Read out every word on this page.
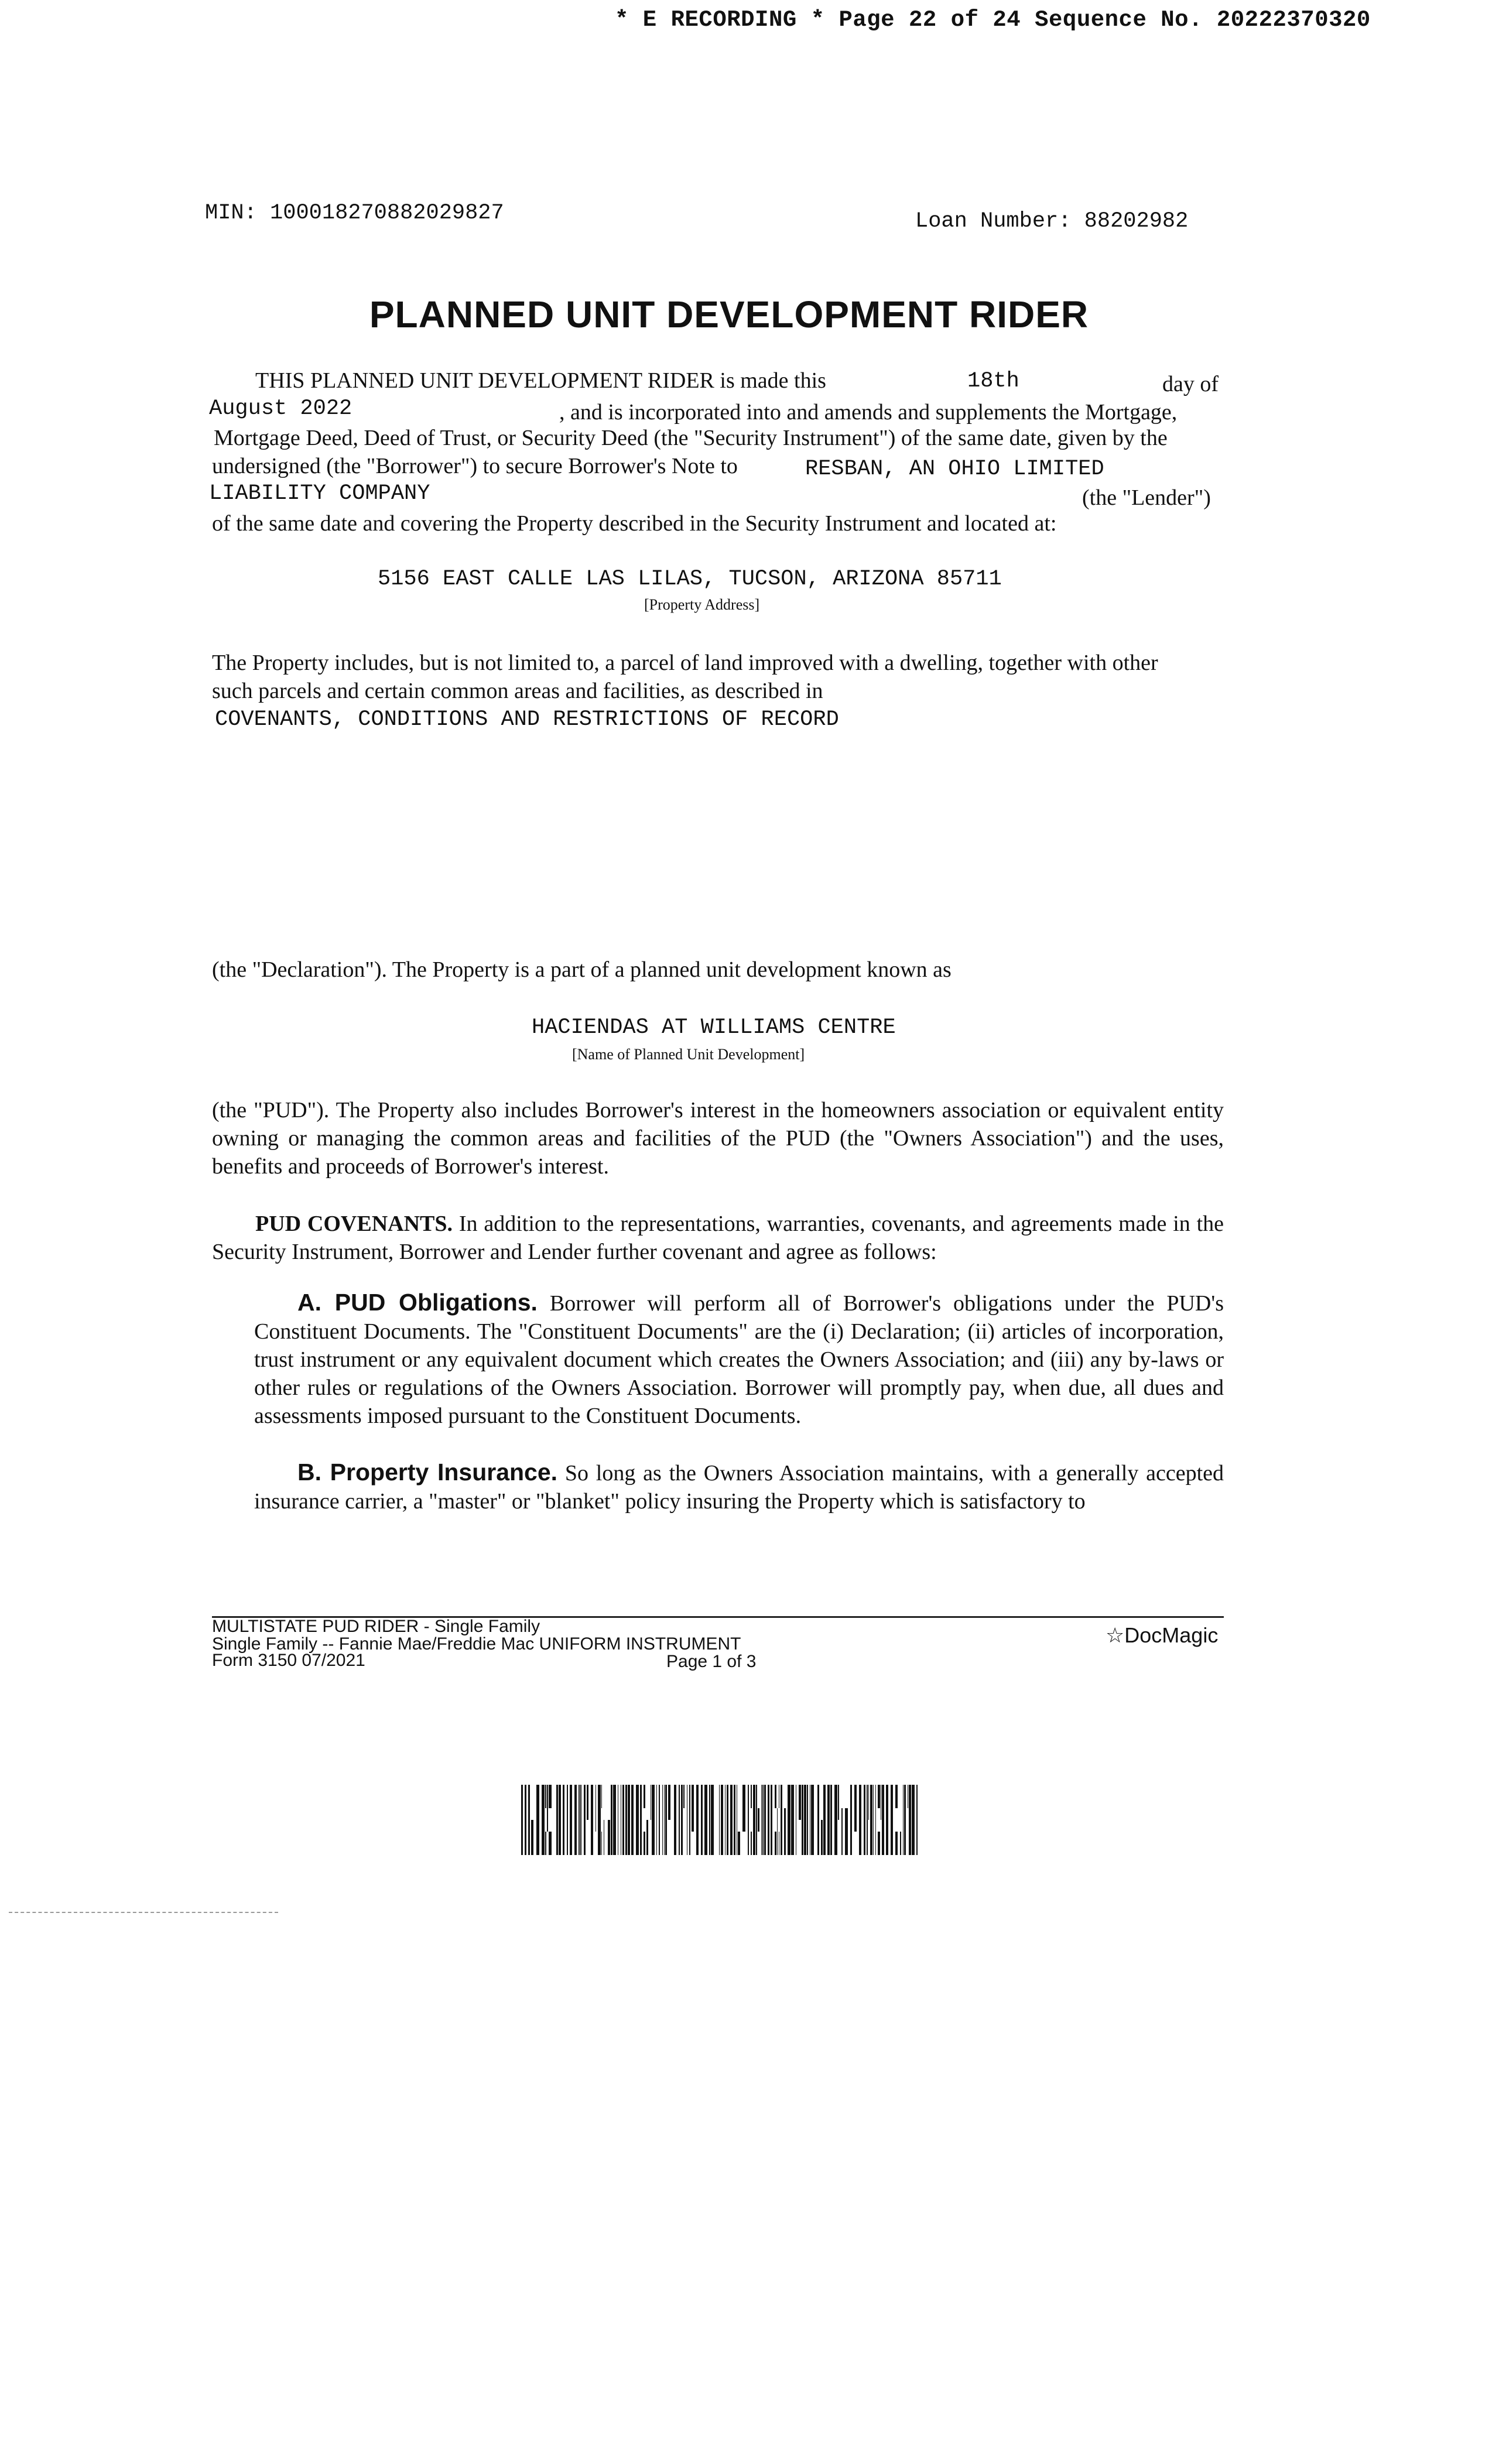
* E RECORDING * Page 22 of 24 Sequence No. 20222370320
MIN: 100018270882029827	Loan Number: 88202982
PLANNED UNIT DEVELOPMENT RIDER
THIS PLANNED UNIT DEVELOPMENT RIDER is made this	18th	day of
August 2022	, and is incorporated into and amends and supplements the Mortgage,
Mortgage Deed, Deed of Trust, or Security Deed (the "Security Instrument") of the same date, given by the
undersigned (the "Borrower") to secure Borrower's Note to	RESBAN, AN OHIO LIMITED
LIABILITY COMPANY	(the "Lender")
of the same date and covering the Property described in the Security Instrument and located at:
5156 EAST CALLE LAS LILAS, TUCSON, ARIZONA 85711
[Property Address]
The Property includes, but is not limited to, a parcel of land improved with a dwelling, together with other
such parcels and certain common areas and facilities, as described in
COVENANTS, CONDITIONS AND RESTRICTIONS OF RECORD
(the "Declaration"). The Property is a part of a planned unit development known as
HACIENDAS AT WILLIAMS CENTRE
[Name of Planned Unit Development]
(the "PUD"). The Property also includes Borrower's interest in the homeowners association or equivalent entity owning or managing the common areas and facilities of the PUD (the "Owners Association") and the uses, benefits and proceeds of Borrower's interest.
PUD COVENANTS. In addition to the representations, warranties, covenants, and agreements made in the Security Instrument, Borrower and Lender further covenant and agree as follows:
A. PUD Obligations. Borrower will perform all of Borrower's obligations under the PUD's Constituent Documents. The "Constituent Documents" are the (i) Declaration; (ii) articles of incorporation, trust instrument or any equivalent document which creates the Owners Association; and (iii) any by-laws or other rules or regulations of the Owners Association. Borrower will promptly pay, when due, all dues and assessments imposed pursuant to the Constituent Documents.
B. Property Insurance. So long as the Owners Association maintains, with a generally accepted insurance carrier, a "master" or "blanket" policy insuring the Property which is satisfactory to
MULTISTATE PUD RIDER - Single Family
Single Family -- Fannie Mae/Freddie Mac UNIFORM INSTRUMENT
Form 3150 07/2021	Page 1 of 3
☆DocMagic
